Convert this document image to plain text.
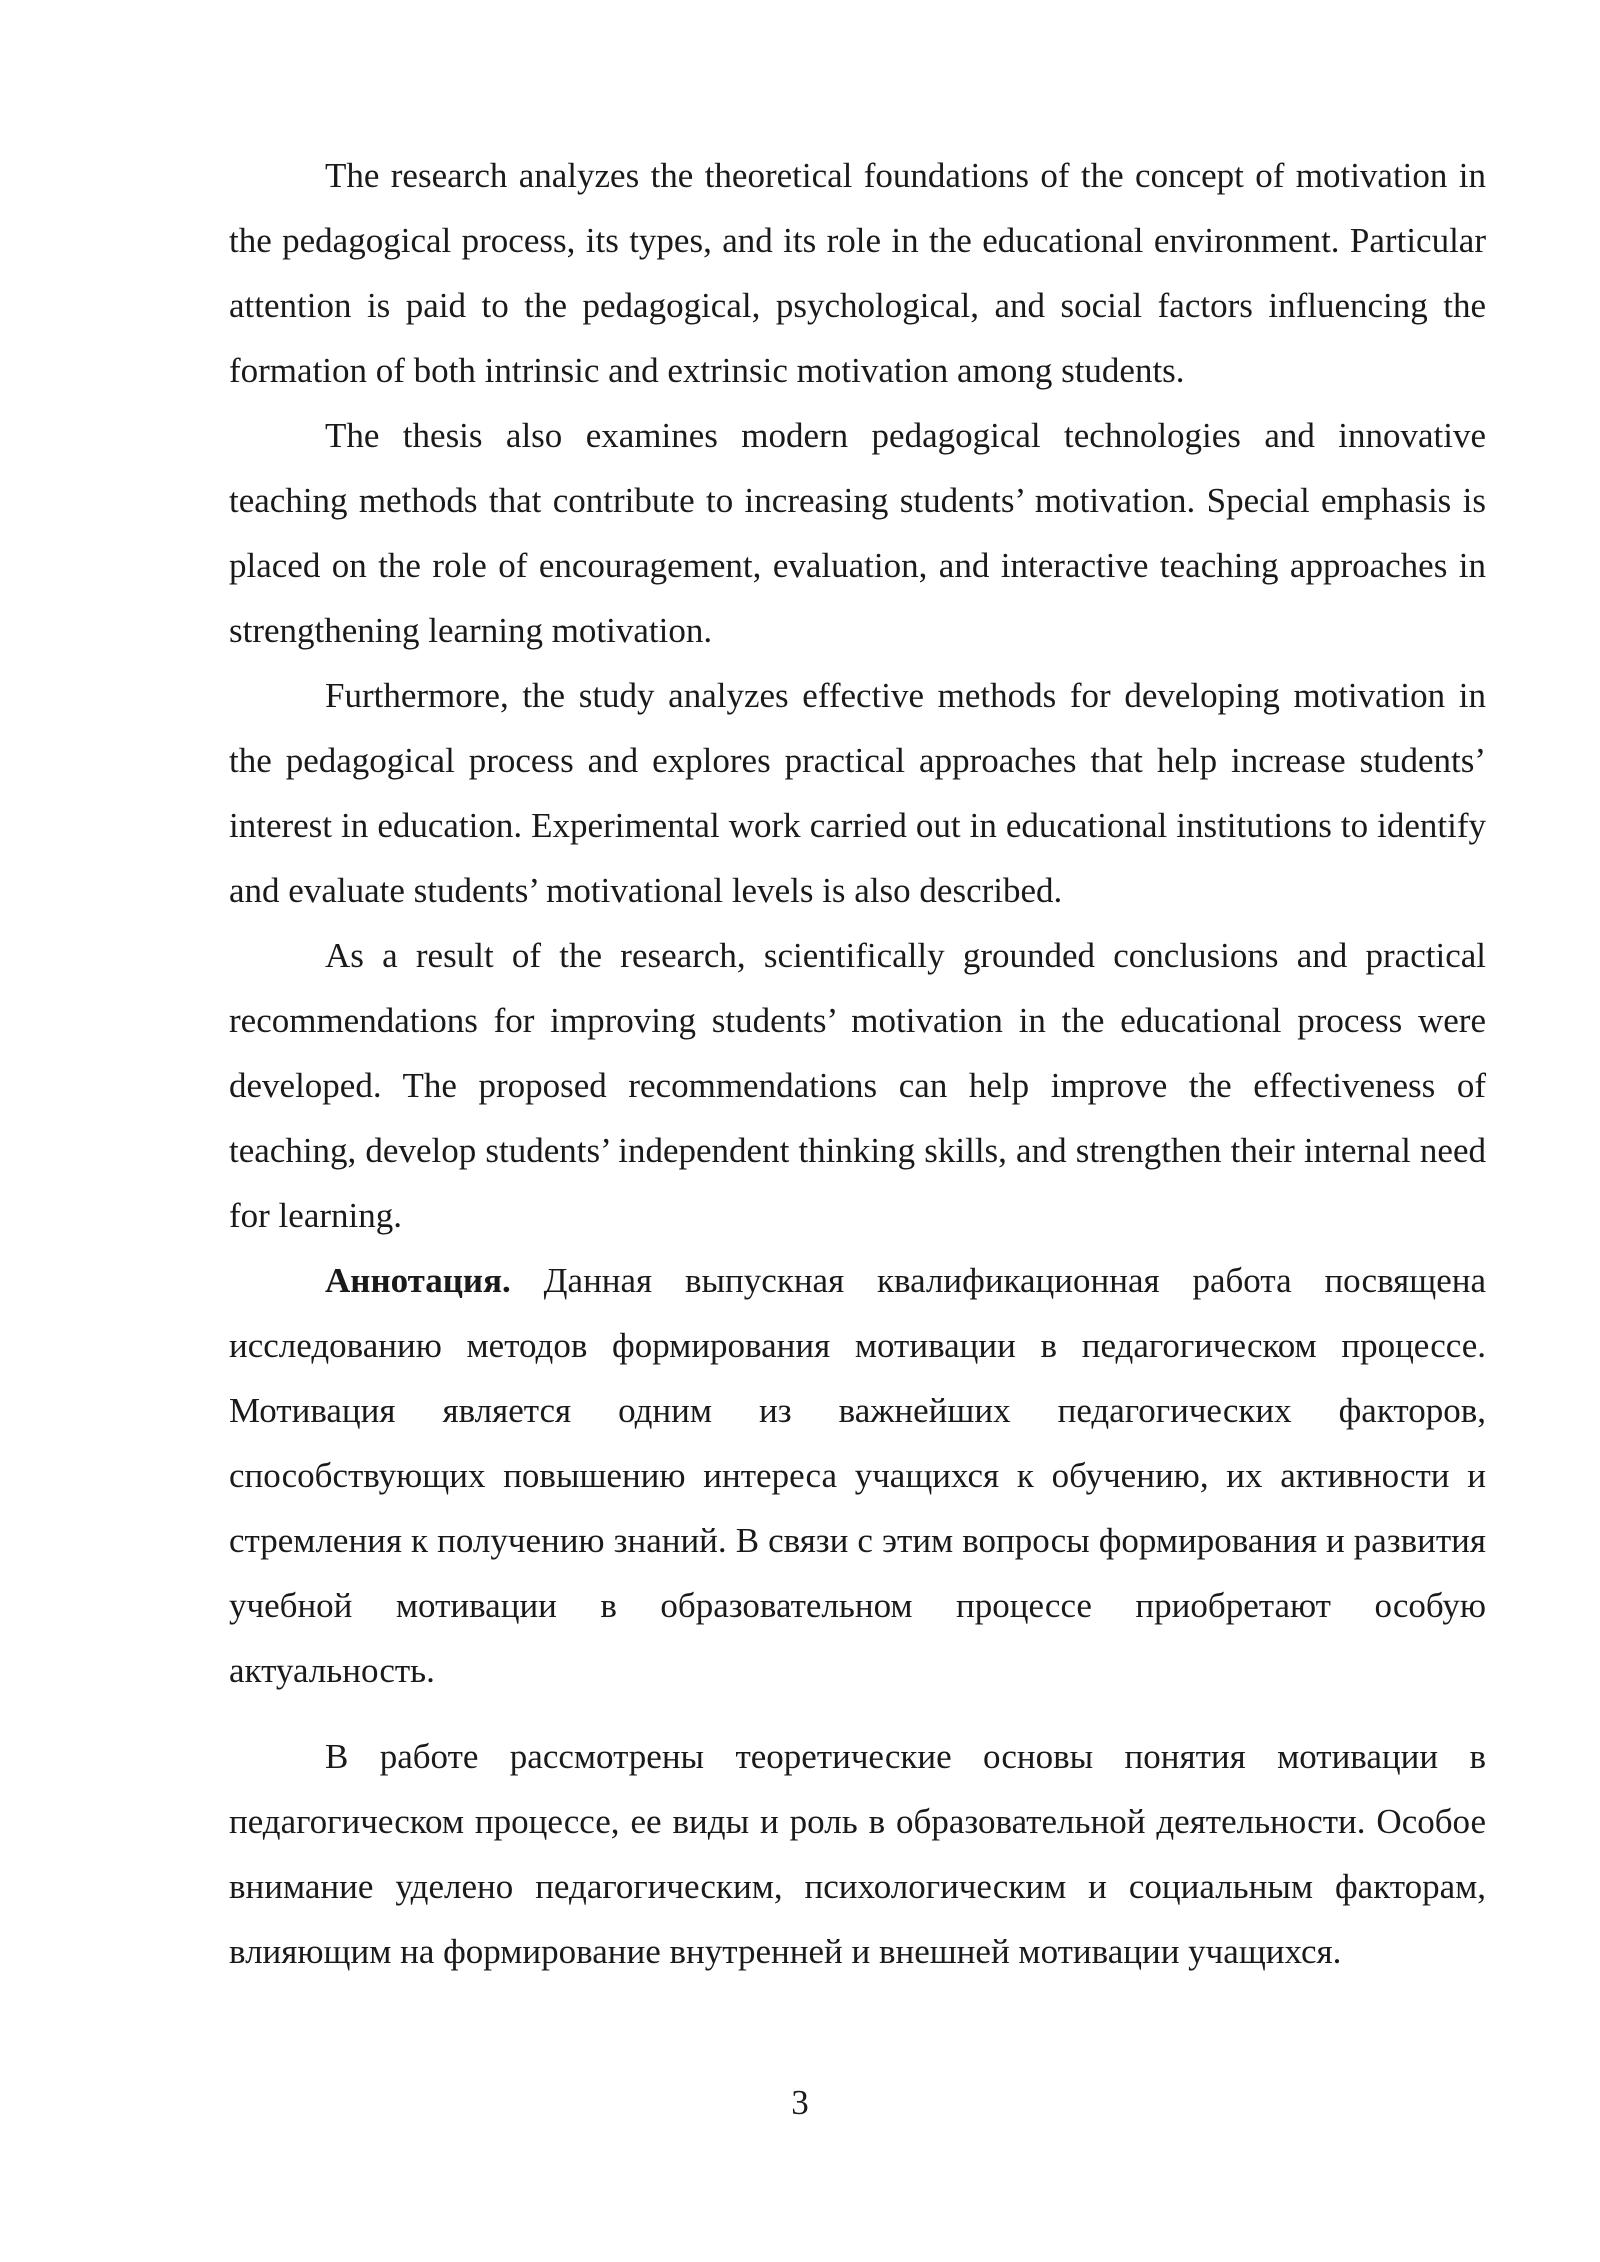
The research analyzes the theoretical foundations of the concept of motivation in the pedagogical process, its types, and its role in the educational environment. Particular attention is paid to the pedagogical, psychological, and social factors influencing the formation of both intrinsic and extrinsic motivation among students.

The thesis also examines modern pedagogical technologies and innovative teaching methods that contribute to increasing students’ motivation. Special emphasis is placed on the role of encouragement, evaluation, and interactive teaching approaches in strengthening learning motivation.

Furthermore, the study analyzes effective methods for developing motivation in the pedagogical process and explores practical approaches that help increase students’ interest in education. Experimental work carried out in educational institutions to identify and evaluate students’ motivational levels is also described.

As a result of the research, scientifically grounded conclusions and practical recommendations for improving students’ motivation in the educational process were developed. The proposed recommendations can help improve the effectiveness of teaching, develop students’ independent thinking skills, and strengthen their internal need for learning.

Аннотация. Данная выпускная квалификационная работа посвящена исследованию методов формирования мотивации в педагогическом процессе. Мотивация является одним из важнейших педагогических факторов, способствующих повышению интереса учащихся к обучению, их активности и стремления к получению знаний. В связи с этим вопросы формирования и развития учебной мотивации в образовательном процессе приобретают особую актуальность.

В работе рассмотрены теоретические основы понятия мотивации в педагогическом процессе, ее виды и роль в образовательной деятельности. Особое внимание уделено педагогическим, психологическим и социальным факторам, влияющим на формирование внутренней и внешней мотивации учащихся.

3
